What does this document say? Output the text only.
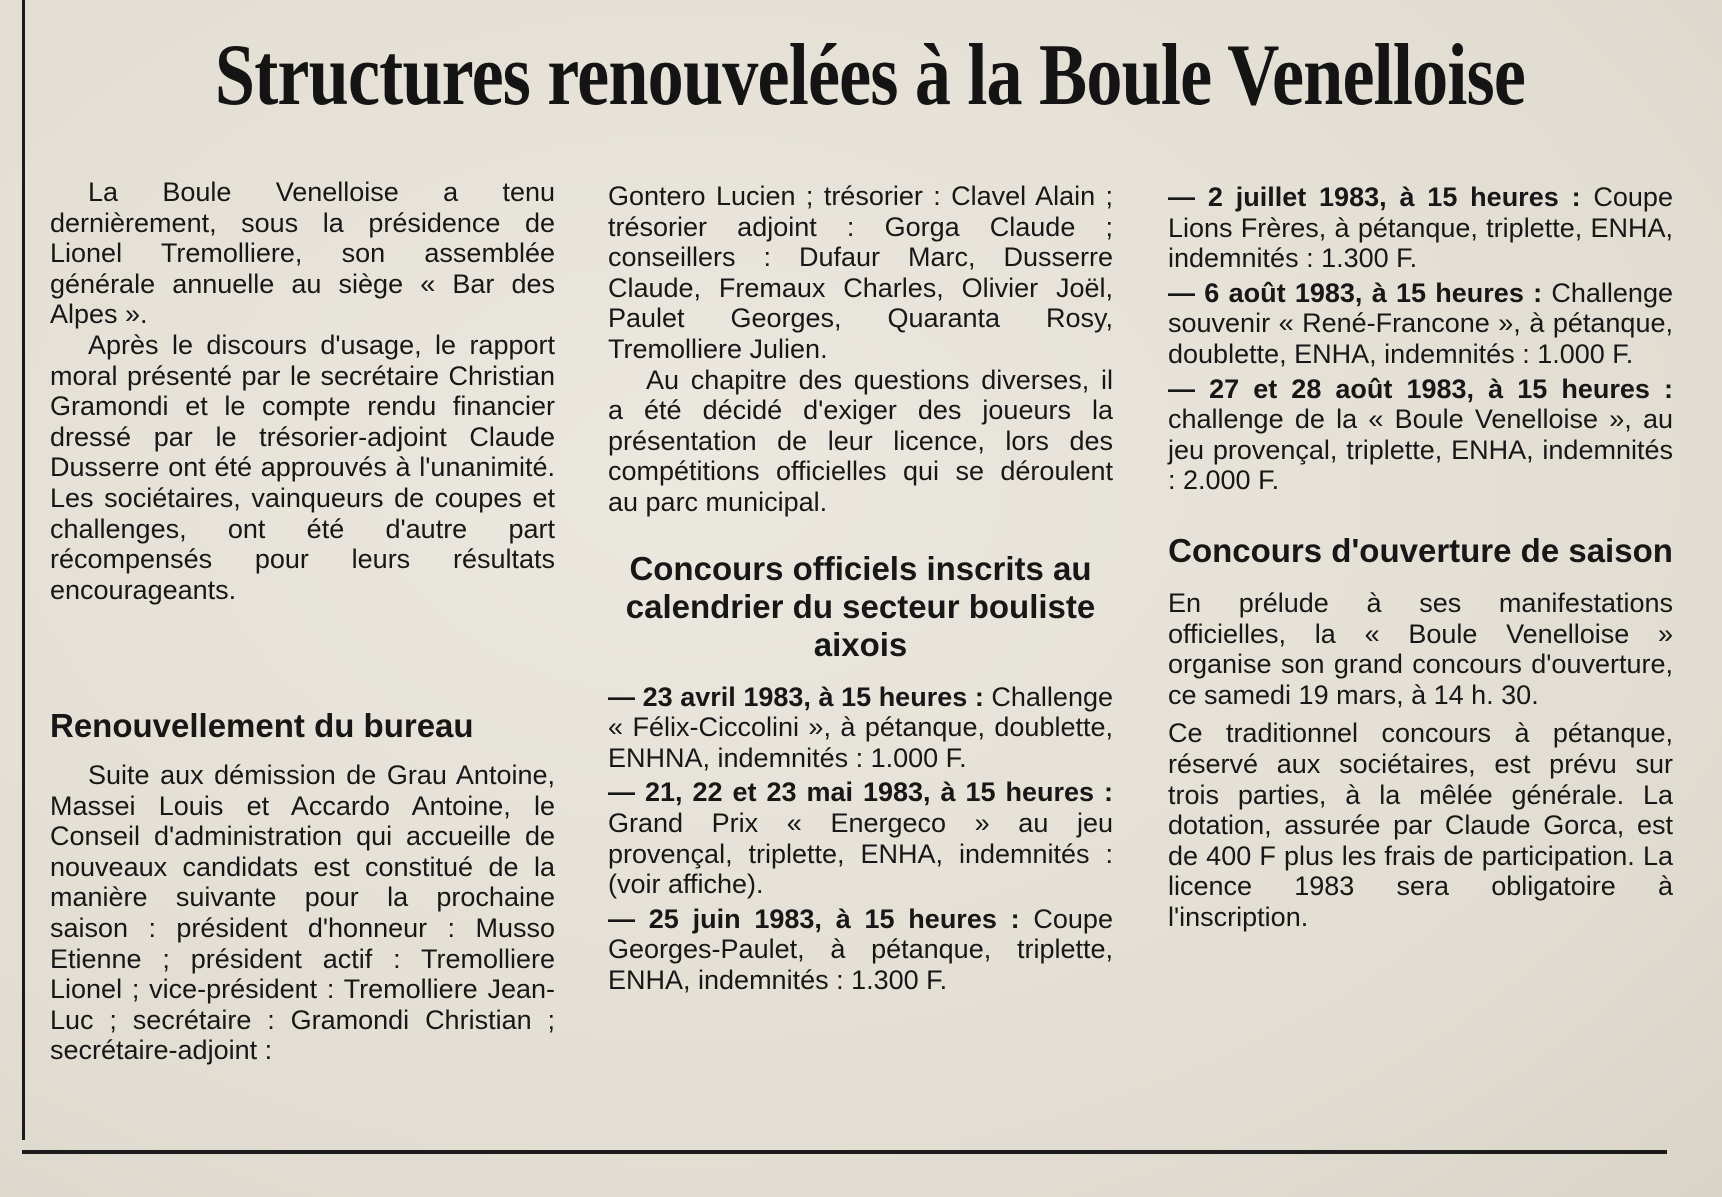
Structures renouvelées à la Boule Venelloise

La Boule Venelloise a tenu dernièrement, sous la présidence de Lionel Tremolliere, son assemblée générale annuelle au siège « Bar des Alpes ».

Après le discours d'usage, le rapport moral présenté par le secrétaire Christian Gramondi et le compte rendu financier dressé par le trésorier-adjoint Claude Dusserre ont été approuvés à l'unanimité. Les sociétaires, vainqueurs de coupes et challenges, ont été d'autre part récompensés pour leurs résultats encourageants.

Renouvellement du bureau

Suite aux démission de Grau Antoine, Massei Louis et Accardo Antoine, le Conseil d'administration qui accueille de nouveaux candidats est constitué de la manière suivante pour la prochaine saison : président d'honneur : Musso Etienne ; président actif : Tremolliere Lionel ; vice-président : Tremolliere Jean-Luc ; secrétaire : Gramondi Christian ; secrétaire-adjoint :

Gontero Lucien ; trésorier : Clavel Alain ; trésorier adjoint : Gorga Claude ; conseillers : Dufaur Marc, Dusserre Claude, Fremaux Charles, Olivier Joël, Paulet Georges, Quaranta Rosy, Tremolliere Julien.

Au chapitre des questions diverses, il a été décidé d'exiger des joueurs la présentation de leur licence, lors des compétitions officielles qui se déroulent au parc municipal.

Concours officiels inscrits au calendrier du secteur bouliste aixois

— 23 avril 1983, à 15 heures : Challenge « Félix-Ciccolini », à pétanque, doublette, ENHNA, indemnités : 1.000 F.

— 21, 22 et 23 mai 1983, à 15 heures : Grand Prix « Energeco » au jeu provençal, triplette, ENHA, indemnités : (voir affiche).

— 25 juin 1983, à 15 heures : Coupe Georges-Paulet, à pétanque, triplette, ENHA, indemnités : 1.300 F.

— 2 juillet 1983, à 15 heures : Coupe Lions Frères, à pétanque, triplette, ENHA, indemnités : 1.300 F.

— 6 août 1983, à 15 heures : Challenge souvenir « René-Francone », à pétanque, doublette, ENHA, indemnités : 1.000 F.

— 27 et 28 août 1983, à 15 heures : challenge de la « Boule Venelloise », au jeu provençal, triplette, ENHA, indemnités : 2.000 F.

Concours d'ouverture de saison

En prélude à ses manifestations officielles, la « Boule Venelloise » organise son grand concours d'ouverture, ce samedi 19 mars, à 14 h. 30.

Ce traditionnel concours à pétanque, réservé aux sociétaires, est prévu sur trois parties, à la mêlée générale. La dotation, assurée par Claude Gorca, est de 400 F plus les frais de participation. La licence 1983 sera obligatoire à l'inscription.
